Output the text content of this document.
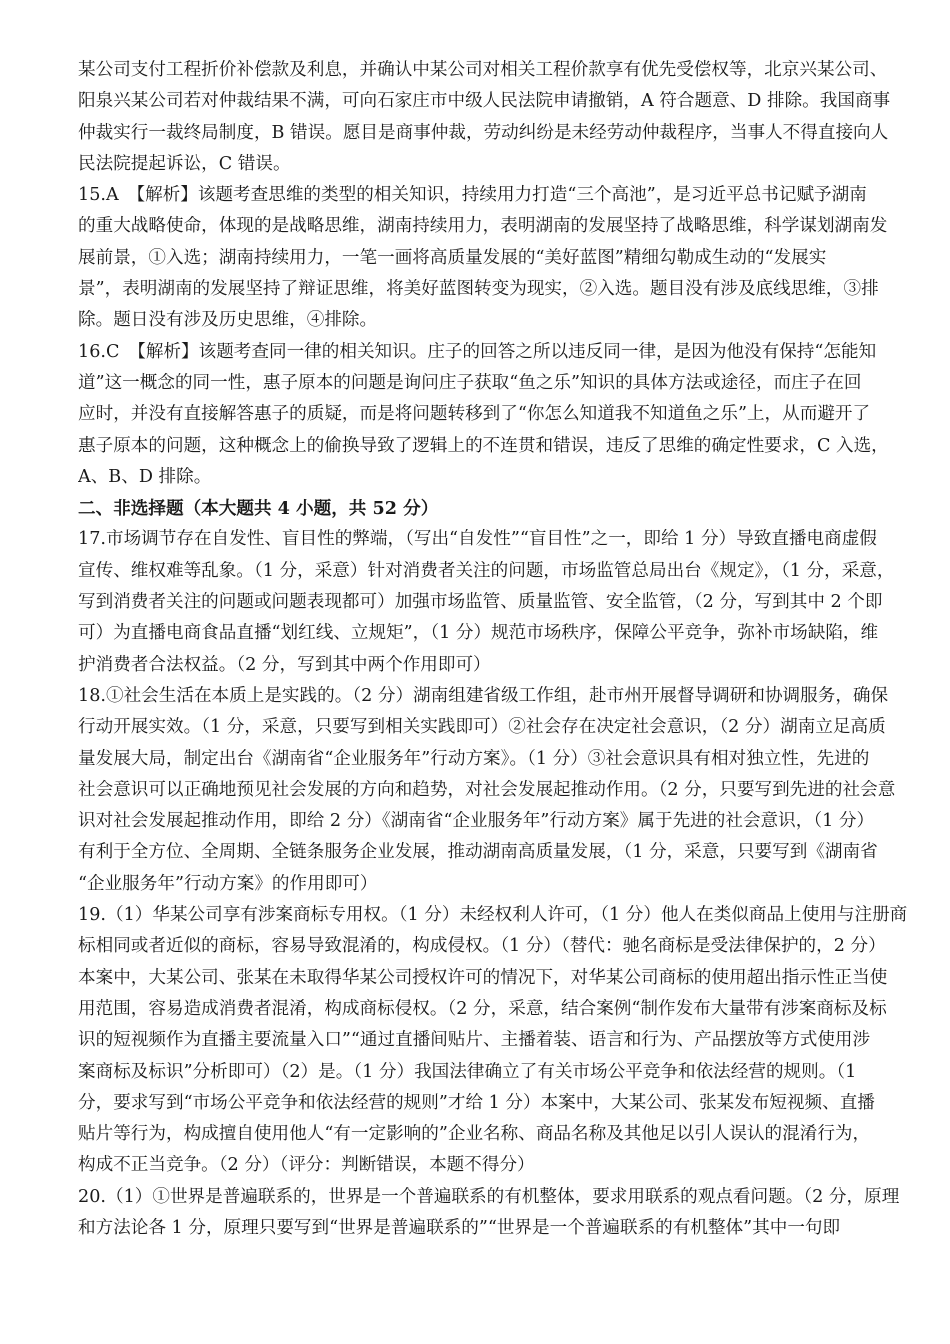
某公司支付工程折价补偿款及利息，并确认中某公司对相关工程价款享有优先受偿权等，北京兴某公司、
阳泉兴某公司若对仲裁结果不满，可向石家庄市中级人民法院申请撤销，A 符合题意、D 排除。我国商事
仲裁实行一裁终局制度，B 错误。愿目是商事仲裁，劳动纠纷是未经劳动仲裁程序，当事人不得直接向人
民法院提起诉讼，C 错误。
15.A　【解析】该题考查思维的类型的相关知识，持续用力打造“三个高池”，是习近平总书记赋予湖南
的重大战略使命，体现的是战略思维，湖南持续用力，表明湖南的发展坚持了战略思维，科学谋划湖南发
展前景，①入选；湖南持续用力，一笔一画将高质量发展的“美好蓝图”精细勾勒成生动的“发展实
景”，表明湖南的发展坚持了辩证思维，将美好蓝图转变为现实，②入选。题目没有涉及底线思维，③排
除。题日没有涉及历史思维，④排除。
16.C　【解析】该题考查同一律的相关知识。庄子的回答之所以违反同一律，是因为他没有保持“怎能知
道”这一概念的同一性，惠子原本的问题是询问庄子获取“鱼之乐”知识的具体方法或途径，而庄子在回
应时，并没有直接解答惠子的质疑，而是将问题转移到了“你怎么知道我不知道鱼之乐”上，从而避开了
惠子原本的问题，这种概念上的偷换导致了逻辑上的不连贯和错误，违反了思维的确定性要求，C 入选，
A、B、D 排除。
二、非选择题（本大题共 4 小题，共 52 分）
17.市场调节存在自发性、盲目性的弊端，（写出“自发性”“盲目性”之一，即给 1 分）导致直播电商虚假
宣传、维权难等乱象。（1 分，采意）针对消费者关注的问题，市场监管总局出台《规定》，（1 分，采意，
写到消费者关注的问题或问题表现都可）加强市场监管、质量监管、安全监管，（2 分，写到其中 2 个即
可）为直播电商食品直播“划红线、立规矩”，（1 分）规范市场秩序，保障公平竞争，弥补市场缺陷，维
护消费者合法权益。（2 分，写到其中两个作用即可）
18.①社会生活在本质上是实践的。（2 分）湖南组建省级工作组，赴市州开展督导调研和协调服务，确保
行动开展实效。（1 分，采意，只要写到相关实践即可）②社会存在决定社会意识，（2 分）湖南立足高质
量发展大局，制定出台《湖南省“企业服务年”行动方案》。（1 分）③社会意识具有相对独立性，先进的
社会意识可以正确地预见社会发展的方向和趋势，对社会发展起推动作用。（2 分，只要写到先进的社会意
识对社会发展起推动作用，即给 2 分）《湖南省“企业服务年”行动方案》属于先进的社会意识，（1 分）
有利于全方位、全周期、全链条服务企业发展，推动湖南高质量发展，（1 分，采意，只要写到《湖南省
“企业服务年”行动方案》的作用即可）
19.（1）华某公司享有涉案商标专用权。（1 分）未经权利人许可，（1 分）他人在类似商品上使用与注册商
标相同或者近似的商标，容易导致混淆的，构成侵权。（1 分）（替代：驰名商标是受法律保护的，2 分）
本案中，大某公司、张某在未取得华某公司授权许可的情况下，对华某公司商标的使用超出指示性正当使
用范围，容易造成消费者混淆，构成商标侵权。（2 分，采意，结合案例“制作发布大量带有涉案商标及标
识的短视频作为直播主要流量入口”“通过直播间贴片、主播着装、语言和行为、产品摆放等方式使用涉
案商标及标识”分析即可）（2）是。（1 分）我国法律确立了有关市场公平竞争和依法经营的规则。（1
分，要求写到“市场公平竞争和依法经营的规则”才给 1 分）本案中，大某公司、张某发布短视频、直播
贴片等行为，构成擅自使用他人“有一定影响的”企业名称、商品名称及其他足以引人误认的混淆行为，
构成不正当竞争。（2 分）（评分：判断错误，本题不得分）
20.（1）①世界是普遍联系的，世界是一个普遍联系的有机整体，要求用联系的观点看问题。（2 分，原理
和方法论各 1 分，原理只要写到“世界是普遍联系的”“世界是一个普遍联系的有机整体”其中一句即
